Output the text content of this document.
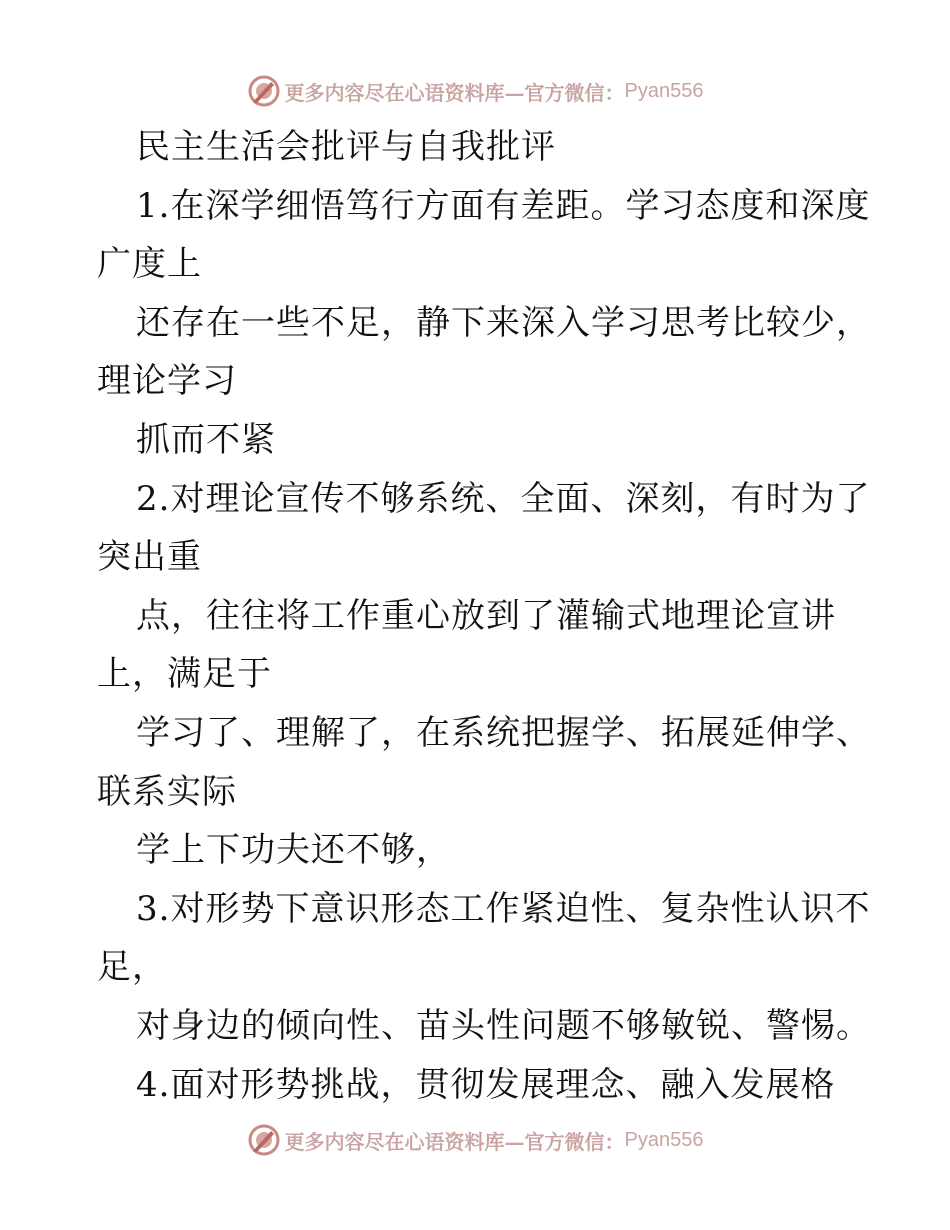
更多内容尽在心语资料库—官方微信： Pyan556
民主生活会批评与自我批评
1.在深学细悟笃行方面有差距。学习态度和深度
广度上
还存在一些不足，静下来深入学习思考比较少，
理论学习
抓而不紧
2.对理论宣传不够系统、全面、深刻，有时为了
突出重
点，往往将工作重心放到了灌输式地理论宣讲
上，满足于
学习了、理解了，在系统把握学、拓展延伸学、
联系实际
学上下功夫还不够，
3.对形势下意识形态工作紧迫性、复杂性认识不
足，
对身边的倾向性、苗头性问题不够敏锐、警惕。
4.面对形势挑战，贯彻发展理念、融入发展格
更多内容尽在心语资料库—官方微信： Pyan556
